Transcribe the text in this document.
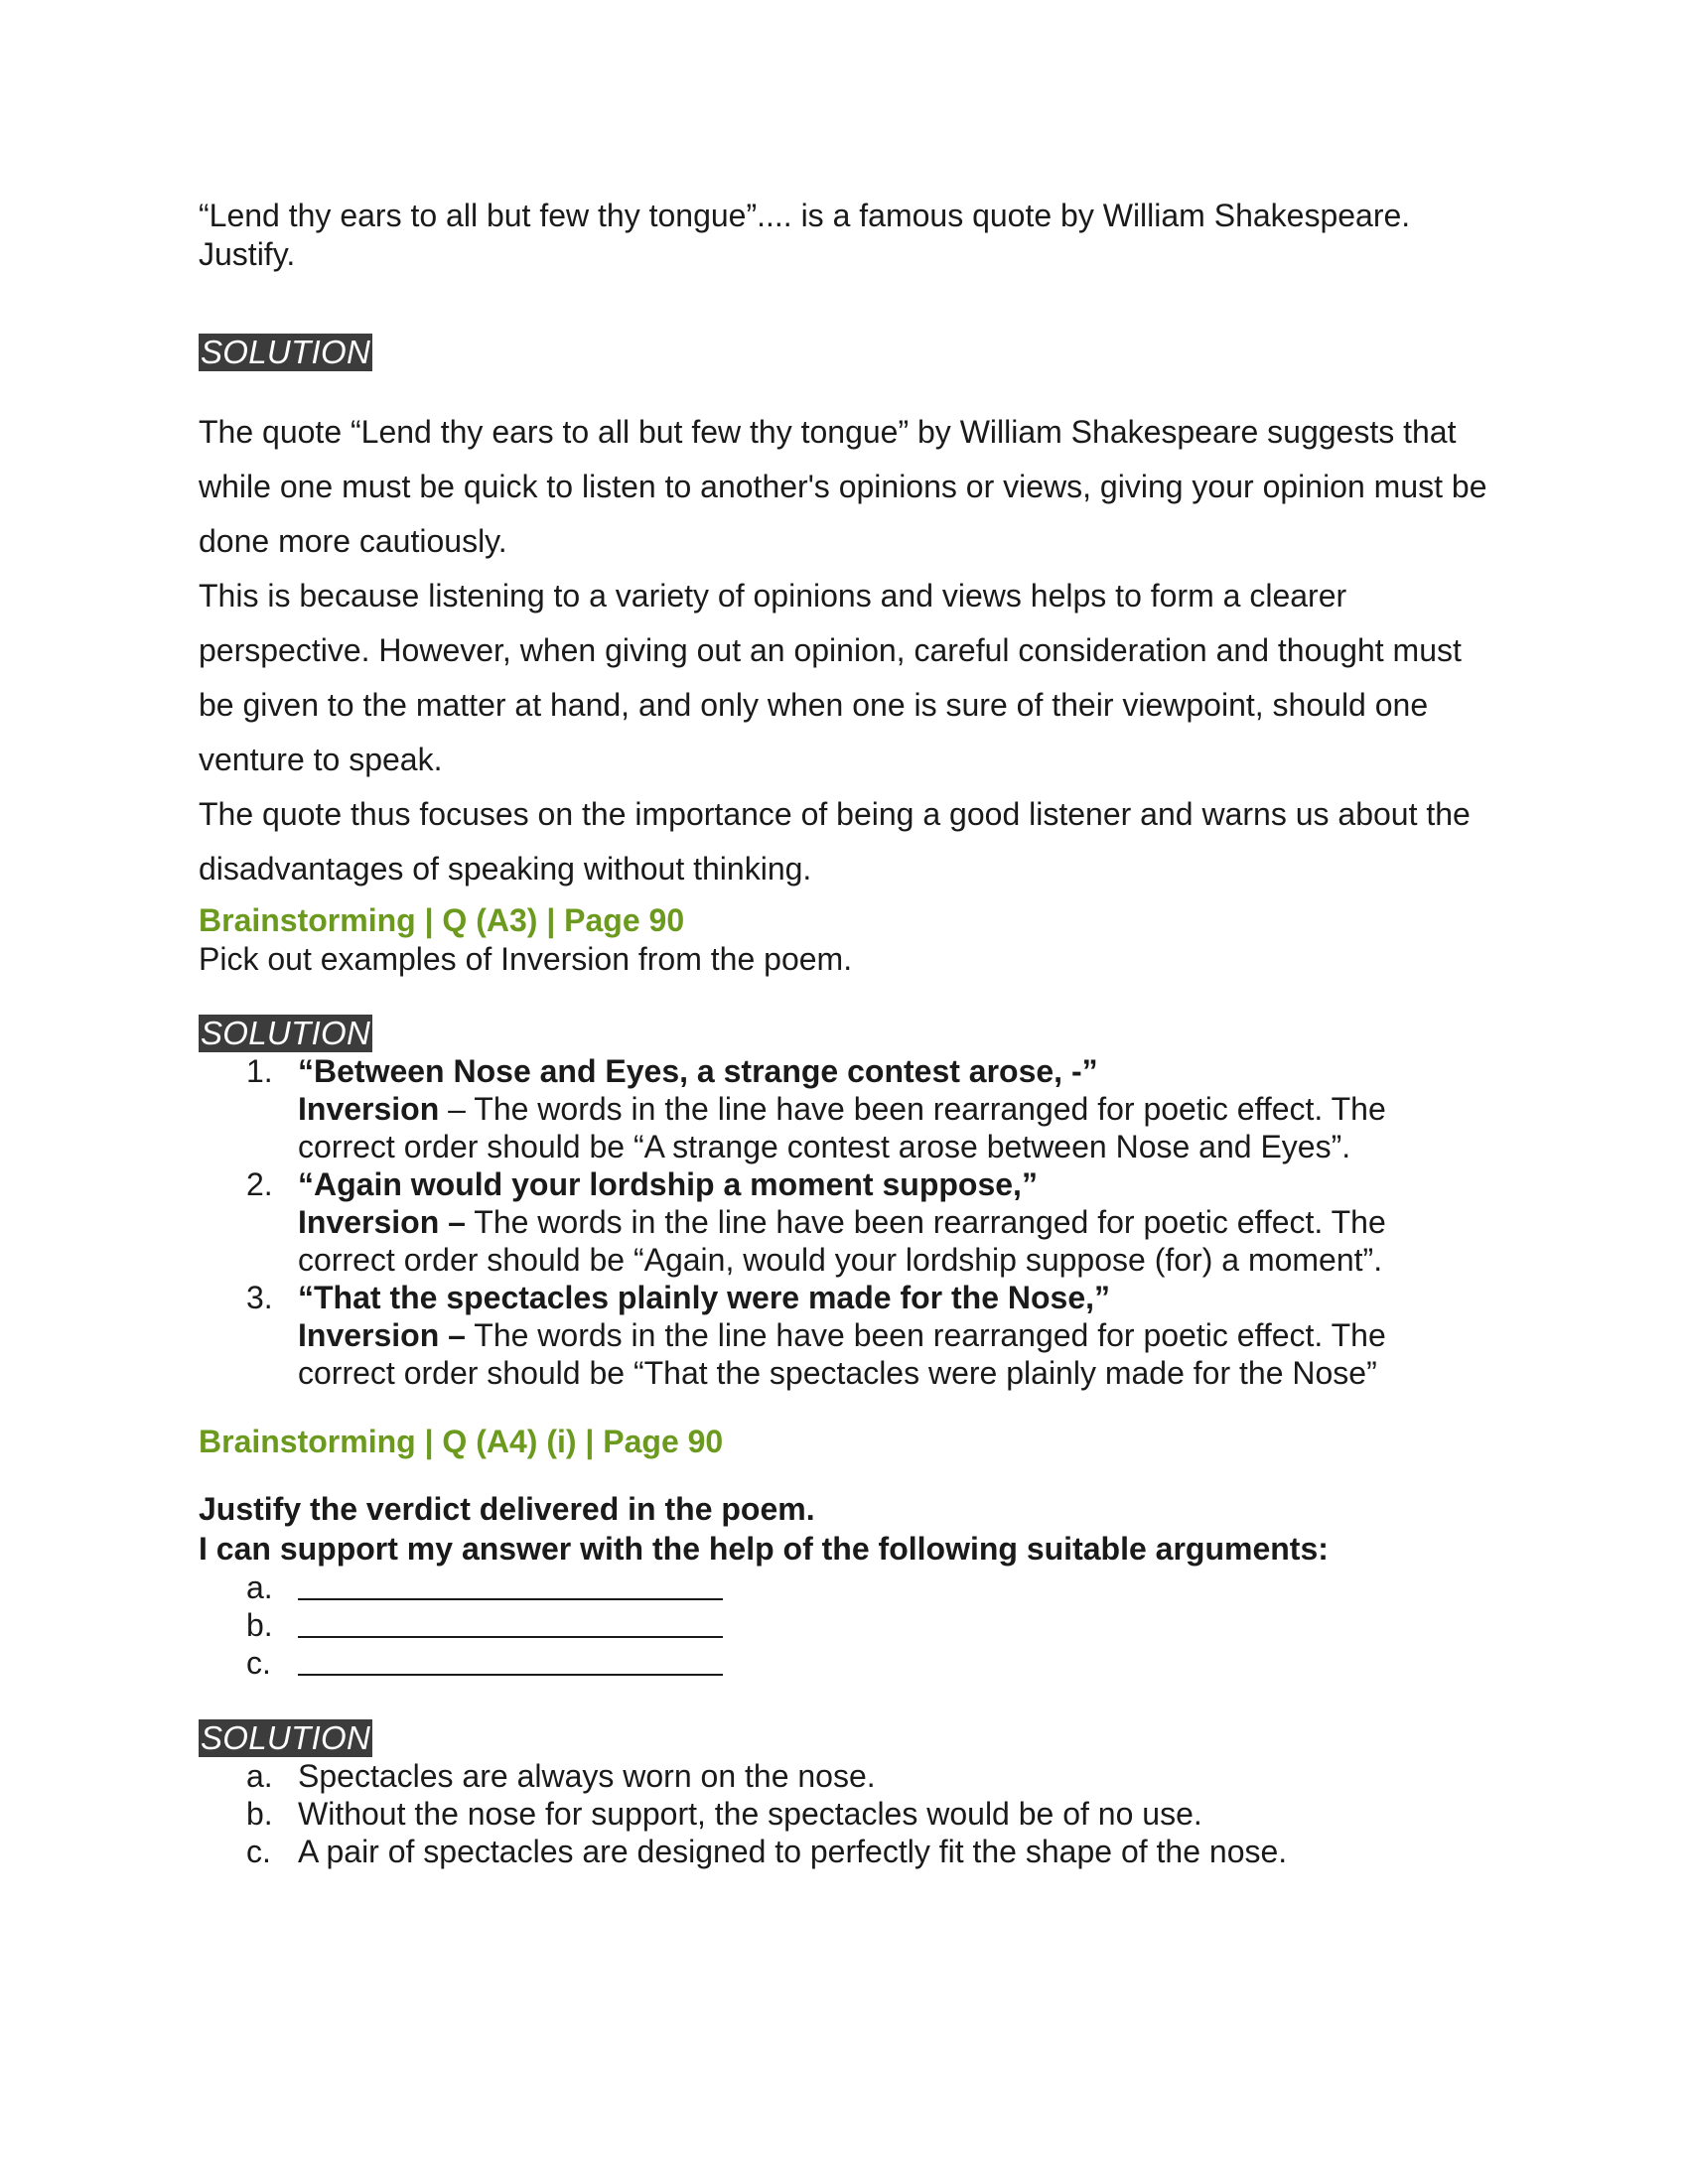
“Lend thy ears to all but few thy tongue”.... is a famous quote by William Shakespeare.

Justify.

SOLUTION

The quote “Lend thy ears to all but few thy tongue” by William Shakespeare suggests that while one must be quick to listen to another's opinions or views, giving your opinion must be done more cautiously.

This is because listening to a variety of opinions and views helps to form a clearer perspective. However, when giving out an opinion, careful consideration and thought must be given to the matter at hand, and only when one is sure of their viewpoint, should one venture to speak.

The quote thus focuses on the importance of being a good listener and warns us about the disadvantages of speaking without thinking.

Brainstorming | Q (A3) | Page 90

Pick out examples of Inversion from the poem.

SOLUTION
1. “Between Nose and Eyes, a strange contest arose, -”
Inversion – The words in the line have been rearranged for poetic effect. The correct order should be “A strange contest arose between Nose and Eyes”.
2. “Again would your lordship a moment suppose,”
Inversion – The words in the line have been rearranged for poetic effect. The correct order should be “Again, would your lordship suppose (for) a moment”.
3. “That the spectacles plainly were made for the Nose,”
Inversion – The words in the line have been rearranged for poetic effect. The correct order should be “That the spectacles were plainly made for the Nose”

Brainstorming | Q (A4) (i) | Page 90

Justify the verdict delivered in the poem.

I can support my answer with the help of the following suitable arguments:

a.
b.
c.
SOLUTION
a. Spectacles are always worn on the nose.
b. Without the nose for support, the spectacles would be of no use.
c. A pair of spectacles are designed to perfectly fit the shape of the nose.
